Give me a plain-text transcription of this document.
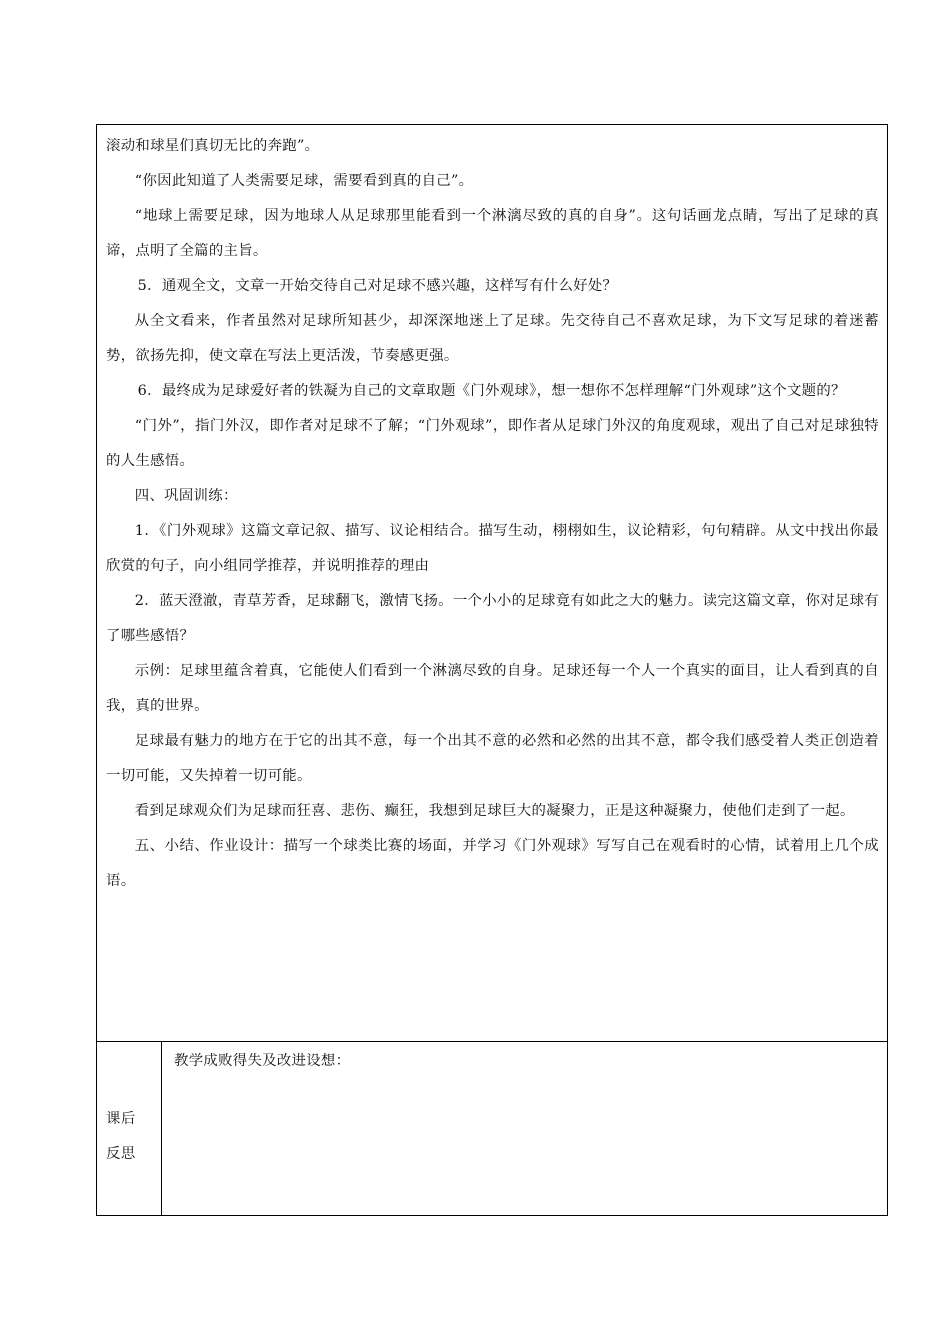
滚动和球星们真切无比的奔跑”。

“你因此知道了人类需要足球，需要看到真的自己”。

“地球上需要足球，因为地球人从足球那里能看到一个淋漓尽致的真的自身”。这句话画龙点睛，写出了足球的真谛，点明了全篇的主旨。

5．通观全文，文章一开始交待自己对足球不感兴趣，这样写有什么好处？

从全文看来，作者虽然对足球所知甚少，却深深地迷上了足球。先交待自己不喜欢足球，为下文写足球的着迷蓄势，欲扬先抑，使文章在写法上更活泼，节奏感更强。

6．最终成为足球爱好者的铁凝为自己的文章取题《门外观球》，想一想你不怎样理解“门外观球”这个文题的？

“门外”，指门外汉，即作者对足球不了解；“门外观球”，即作者从足球门外汉的角度观球，观出了自己对足球独特的人生感悟。

四、巩固训练：

1．《门外观球》这篇文章记叙、描写、议论相结合。描写生动，栩栩如生，议论精彩，句句精辟。从文中找出你最欣赏的句子，向小组同学推荐，并说明推荐的理由

2．蓝天澄澈，青草芳香，足球翻飞，激情飞扬。一个小小的足球竟有如此之大的魅力。读完这篇文章，你对足球有了哪些感悟？

示例：足球里蕴含着真，它能使人们看到一个淋漓尽致的自身。足球还每一个人一个真实的面目，让人看到真的自我，真的世界。

足球最有魅力的地方在于它的出其不意，每一个出其不意的必然和必然的出其不意，都令我们感受着人类正创造着一切可能，又失掉着一切可能。

看到足球观众们为足球而狂喜、悲伤、癫狂，我想到足球巨大的凝聚力，正是这种凝聚力，使他们走到了一起。

五、小结、作业设计：描写一个球类比赛的场面，并学习《门外观球》写写自己在观看时的心情，试着用上几个成语。

课后
反思
教学成败得失及改进设想：
